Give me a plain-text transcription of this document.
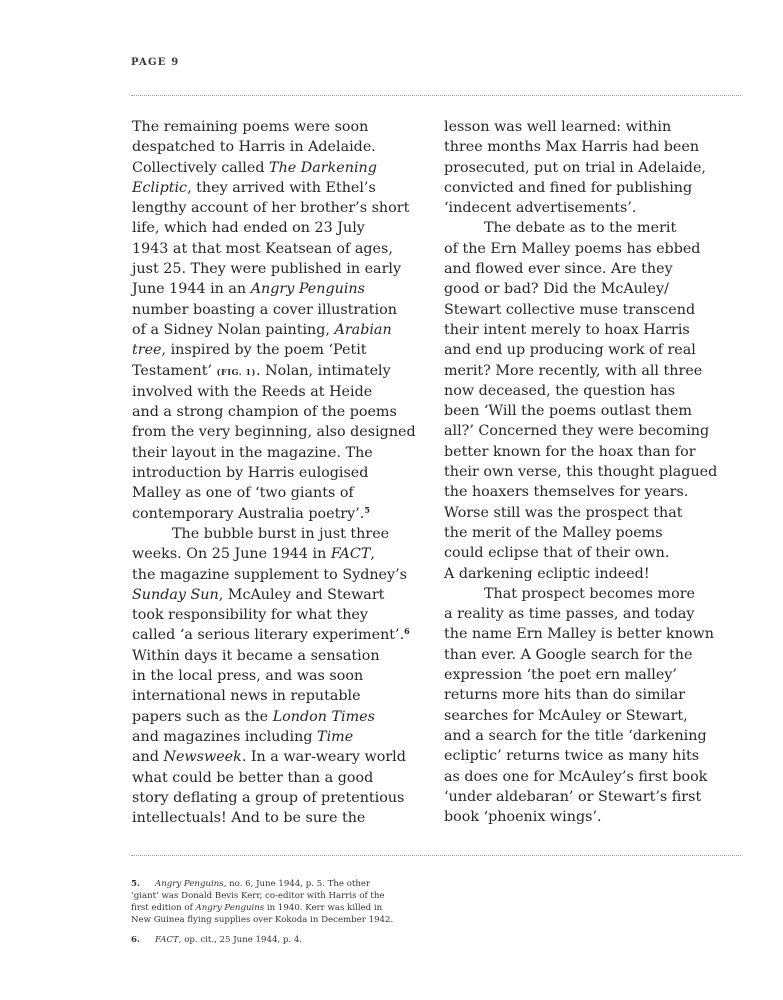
PAGE 9
The remaining poems were soon
despatched to Harris in Adelaide.
Collectively called The Darkening
Ecliptic, they arrived with Ethel’s
lengthy account of her brother’s short
life, which had ended on 23 July
1943 at that most Keatsean of ages,
just 25. They were published in early
June 1944 in an Angry Penguins
number boasting a cover illustration
of a Sidney Nolan painting, Arabian
tree, inspired by the poem ‘Petit
Testament’ (FIG. 1). Nolan, intimately
involved with the Reeds at Heide
and a strong champion of the poems
from the very beginning, also designed
their layout in the magazine. The
introduction by Harris eulogised
Malley as one of ‘two giants of
contemporary Australia poetry’.$^5$
The bubble burst in just three
weeks. On 25 June 1944 in FACT,
the magazine supplement to Sydney’s
Sunday Sun, McAuley and Stewart
took responsibility for what they
called ‘a serious literary experiment’.$^6$
Within days it became a sensation
in the local press, and was soon
international news in reputable
papers such as the London Times
and magazines including Time
and Newsweek. In a war-weary world
what could be better than a good
story deflating a group of pretentious
intellectuals! And to be sure the
lesson was well learned: within
three months Max Harris had been
prosecuted, put on trial in Adelaide,
convicted and fined for publishing
‘indecent advertisements’.
The debate as to the merit
of the Ern Malley poems has ebbed
and flowed ever since. Are they
good or bad? Did the McAuley/
Stewart collective muse transcend
their intent merely to hoax Harris
and end up producing work of real
merit? More recently, with all three
now deceased, the question has
been ‘Will the poems outlast them
all?’ Concerned they were becoming
better known for the hoax than for
their own verse, this thought plagued
the hoaxers themselves for years.
Worse still was the prospect that
the merit of the Malley poems
could eclipse that of their own.
A darkening ecliptic indeed!
That prospect becomes more
a reality as time passes, and today
the name Ern Malley is better known
than ever. A Google search for the
expression ‘the poet ern malley’
returns more hits than do similar
searches for McAuley or Stewart,
and a search for the title ‘darkening
ecliptic’ returns twice as many hits
as does one for McAuley’s first book
‘under aldebaran’ or Stewart’s first
book ‘phoenix wings’.
5. Angry Penguins, no. 6, June 1944, p. 5. The other
‘giant’ was Donald Bevis Kerr, co-editor with Harris of the
first edition of Angry Penguins in 1940. Kerr was killed in
New Guinea flying supplies over Kokoda in December 1942.
6. FACT, op. cit., 25 June 1944, p. 4.
